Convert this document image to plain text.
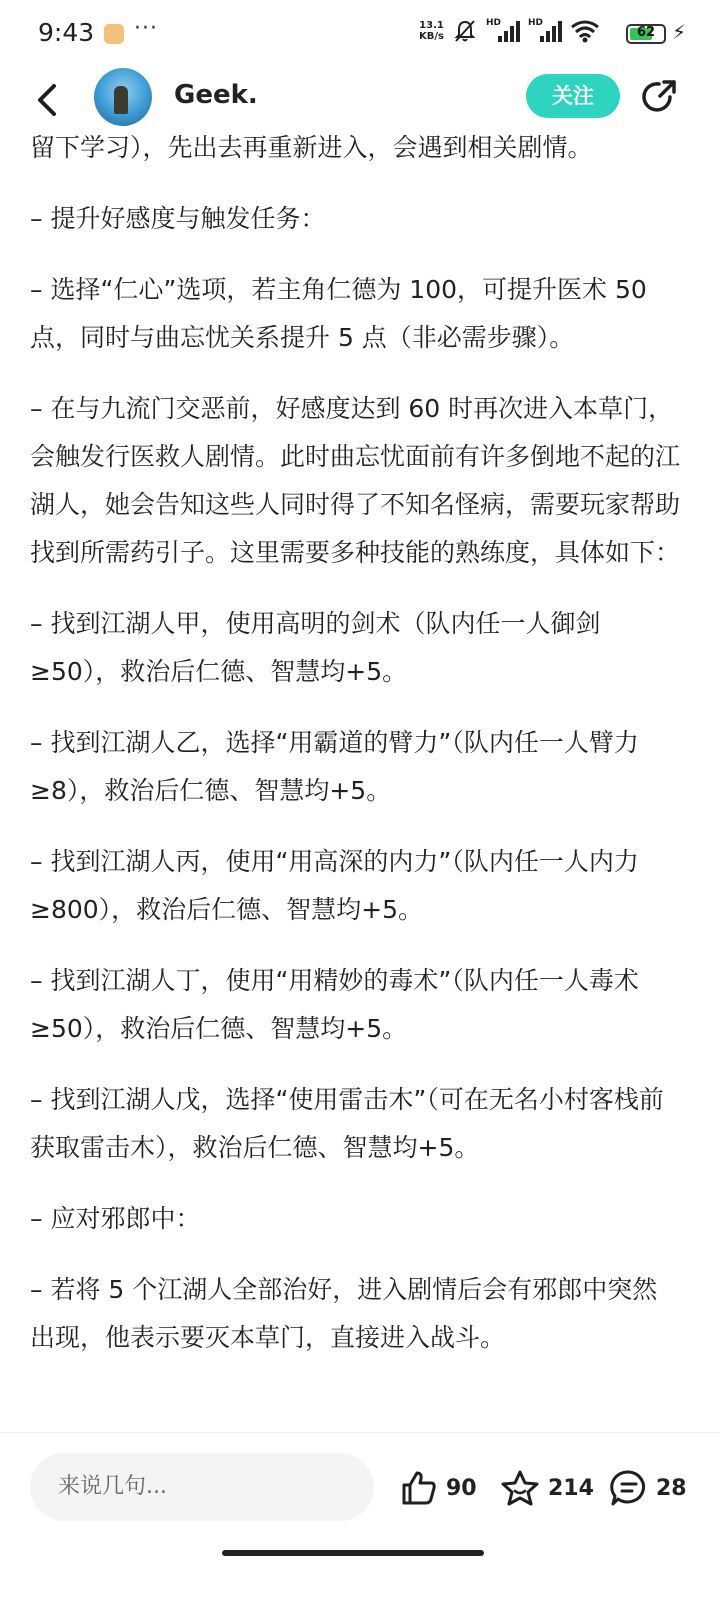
9:43 ···	13.1
KB/s
HD	HD
62 ⚡
Geek.	关注

留下学习），先出去再重新进入，会遇到相关剧情。

– 提升好感度与触发任务：

– 选择“仁心”选项，若主角仁德为 100，可提升医术 50 点，同时与曲忘忧关系提升 5 点（非必需步骤）。

– 在与九流门交恶前，好感度达到 60 时再次进入本草门，会触发行医救人剧情。此时曲忘忧面前有许多倒地不起的江湖人，她会告知这些人同时得了不知名怪病，需要玩家帮助找到所需药引子。这里需要多种技能的熟练度，具体如下：

– 找到江湖人甲，使用高明的剑术（队内任一人御剑 ≥50），救治后仁德、智慧均+5。

– 找到江湖人乙，选择“用霸道的臂力”（队内任一人臂力≥8），救治后仁德、智慧均+5。

– 找到江湖人丙，使用“用高深的内力”（队内任一人内力≥800），救治后仁德、智慧均+5。

– 找到江湖人丁，使用“用精妙的毒术”（队内任一人毒术≥50），救治后仁德、智慧均+5。

– 找到江湖人戊，选择“使用雷击木”（可在无名小村客栈前获取雷击木），救治后仁德、智慧均+5。

– 应对邪郎中：

– 若将 5 个江湖人全部治好，进入剧情后会有邪郎中突然出现，他表示要灭本草门，直接进入战斗。

来说几句...	90	214	28
